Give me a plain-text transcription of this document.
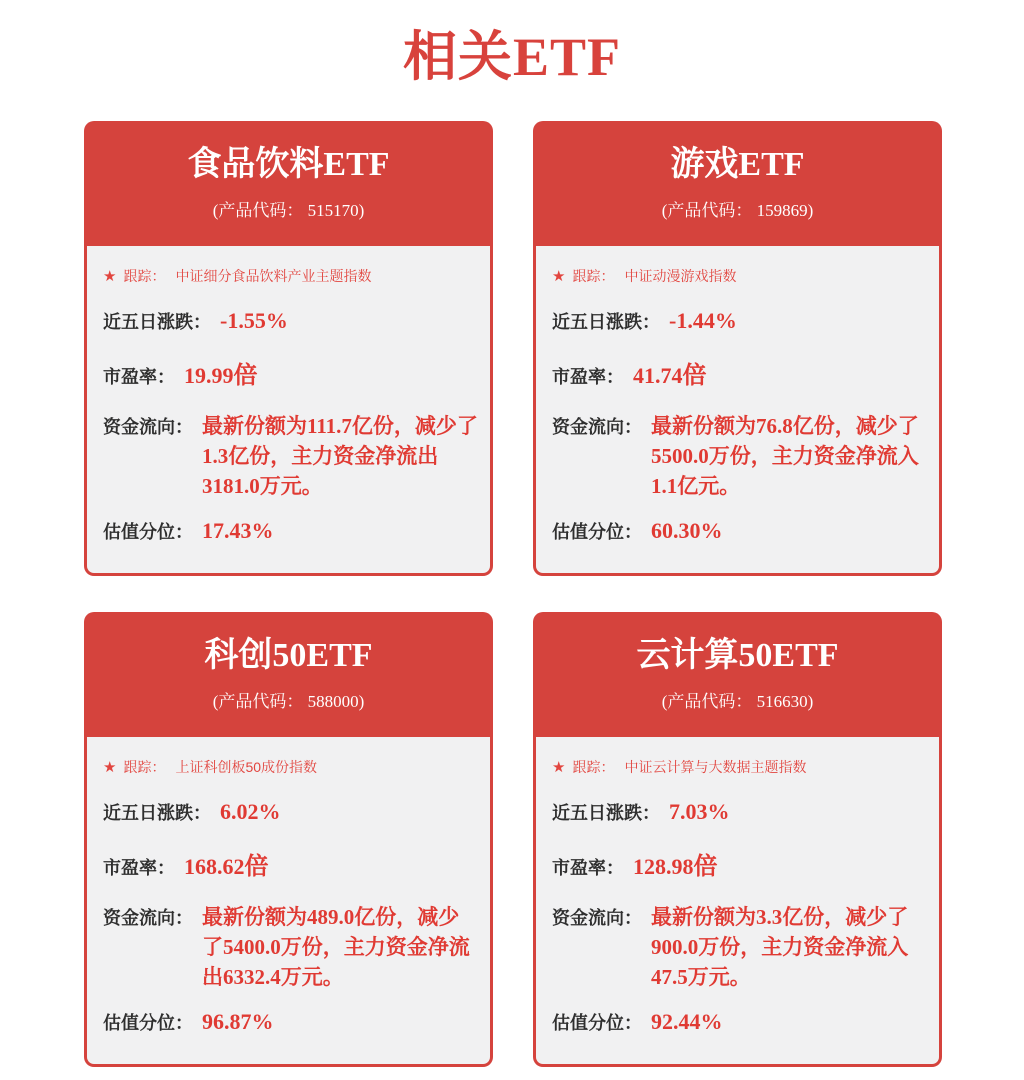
相关ETF
食品饮料ETF
(产品代码： 515170)
★ 跟踪： 中证细分食品饮料产业主题指数
近五日涨跌： -1.55%
市盈率： 19.99倍
资金流向： 最新份额为111.7亿份，减少了1.3亿份，主力资金净流出3181.0万元。
估值分位： 17.43%
游戏ETF
(产品代码： 159869)
★ 跟踪： 中证动漫游戏指数
近五日涨跌： -1.44%
市盈率： 41.74倍
资金流向： 最新份额为76.8亿份，减少了5500.0万份，主力资金净流入1.1亿元。
估值分位： 60.30%
科创50ETF
(产品代码： 588000)
★ 跟踪： 上证科创板50成份指数
近五日涨跌： 6.02%
市盈率： 168.62倍
资金流向： 最新份额为489.0亿份，减少了5400.0万份，主力资金净流出6332.4万元。
估值分位： 96.87%
云计算50ETF
(产品代码： 516630)
★ 跟踪： 中证云计算与大数据主题指数
近五日涨跌： 7.03%
市盈率： 128.98倍
资金流向： 最新份额为3.3亿份，减少了900.0万份，主力资金净流入47.5万元。
估值分位： 92.44%
